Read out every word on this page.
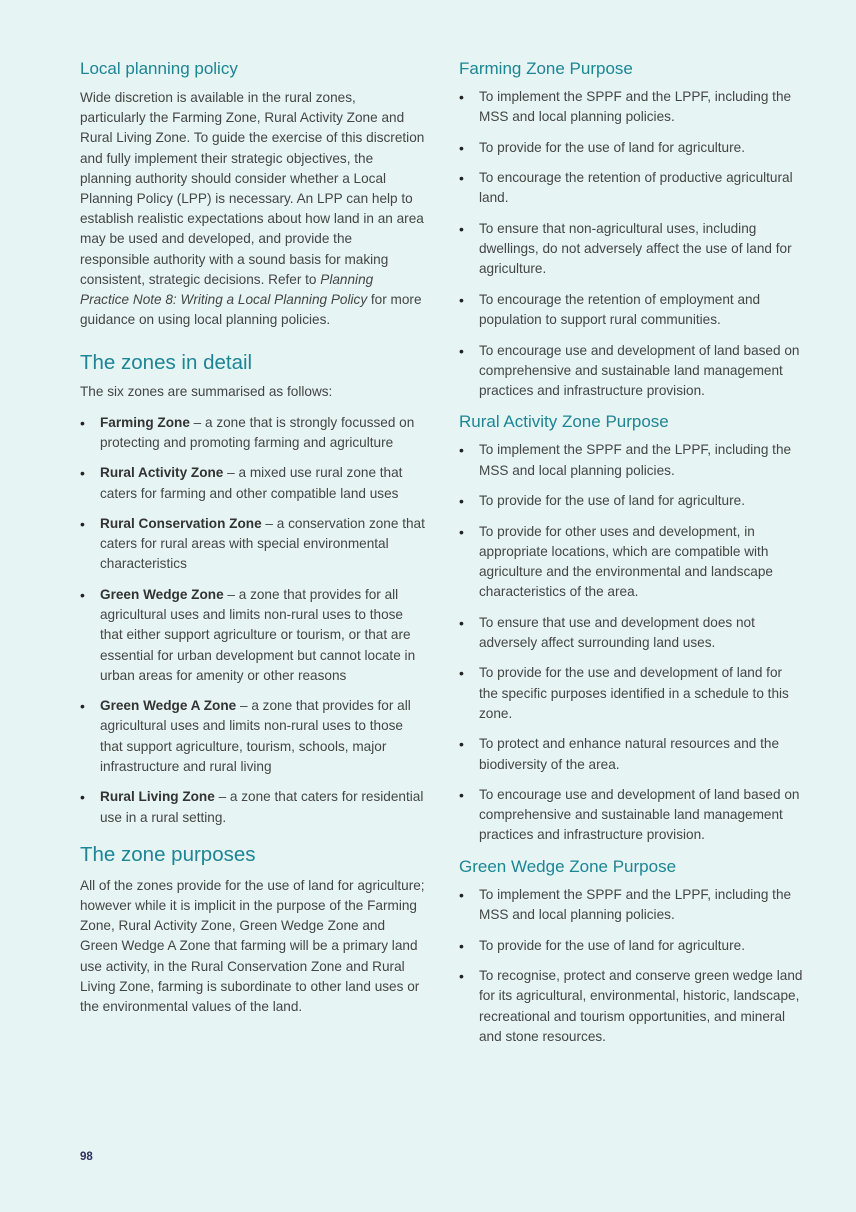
Local planning policy

Wide discretion is available in the rural zones, particularly the Farming Zone, Rural Activity Zone and Rural Living Zone. To guide the exercise of this discretion and fully implement their strategic objectives, the planning authority should consider whether a Local Planning Policy (LPP) is necessary. An LPP can help to establish realistic expectations about how land in an area may be used and developed, and provide the responsible authority with a sound basis for making consistent, strategic decisions. Refer to Planning Practice Note 8: Writing a Local Planning Policy for more guidance on using local planning policies.

The zones in detail

The six zones are summarised as follows:

• Farming Zone – a zone that is strongly focussed on protecting and promoting farming and agriculture
• Rural Activity Zone – a mixed use rural zone that caters for farming and other compatible land uses
• Rural Conservation Zone – a conservation zone that caters for rural areas with special environmental characteristics
• Green Wedge Zone – a zone that provides for all agricultural uses and limits non-rural uses to those that either support agriculture or tourism, or that are essential for urban development but cannot locate in urban areas for amenity or other reasons
• Green Wedge A Zone – a zone that provides for all agricultural uses and limits non-rural uses to those that support agriculture, tourism, schools, major infrastructure and rural living
• Rural Living Zone – a zone that caters for residential use in a rural setting.
The zone purposes

All of the zones provide for the use of land for agriculture; however while it is implicit in the purpose of the Farming Zone, Rural Activity Zone, Green Wedge Zone and Green Wedge A Zone that farming will be a primary land use activity, in the Rural Conservation Zone and Rural Living Zone, farming is subordinate to other land uses or the environmental values of the land.

Farming Zone Purpose
• To implement the SPPF and the LPPF, including the MSS and local planning policies.
• To provide for the use of land for agriculture.
• To encourage the retention of productive agricultural land.
• To ensure that non-agricultural uses, including dwellings, do not adversely affect the use of land for agriculture.
• To encourage the retention of employment and population to support rural communities.
• To encourage use and development of land based on comprehensive and sustainable land management practices and infrastructure provision.
Rural Activity Zone Purpose
• To implement the SPPF and the LPPF, including the MSS and local planning policies.
• To provide for the use of land for agriculture.
• To provide for other uses and development, in appropriate locations, which are compatible with agriculture and the environmental and landscape characteristics of the area.
• To ensure that use and development does not adversely affect surrounding land uses.
• To provide for the use and development of land for the specific purposes identified in a schedule to this zone.
• To protect and enhance natural resources and the biodiversity of the area.
• To encourage use and development of land based on comprehensive and sustainable land management practices and infrastructure provision.
Green Wedge Zone Purpose
• To implement the SPPF and the LPPF, including the MSS and local planning policies.
• To provide for the use of land for agriculture.
• To recognise, protect and conserve green wedge land for its agricultural, environmental, historic, landscape, recreational and tourism opportunities, and mineral and stone resources.
98
